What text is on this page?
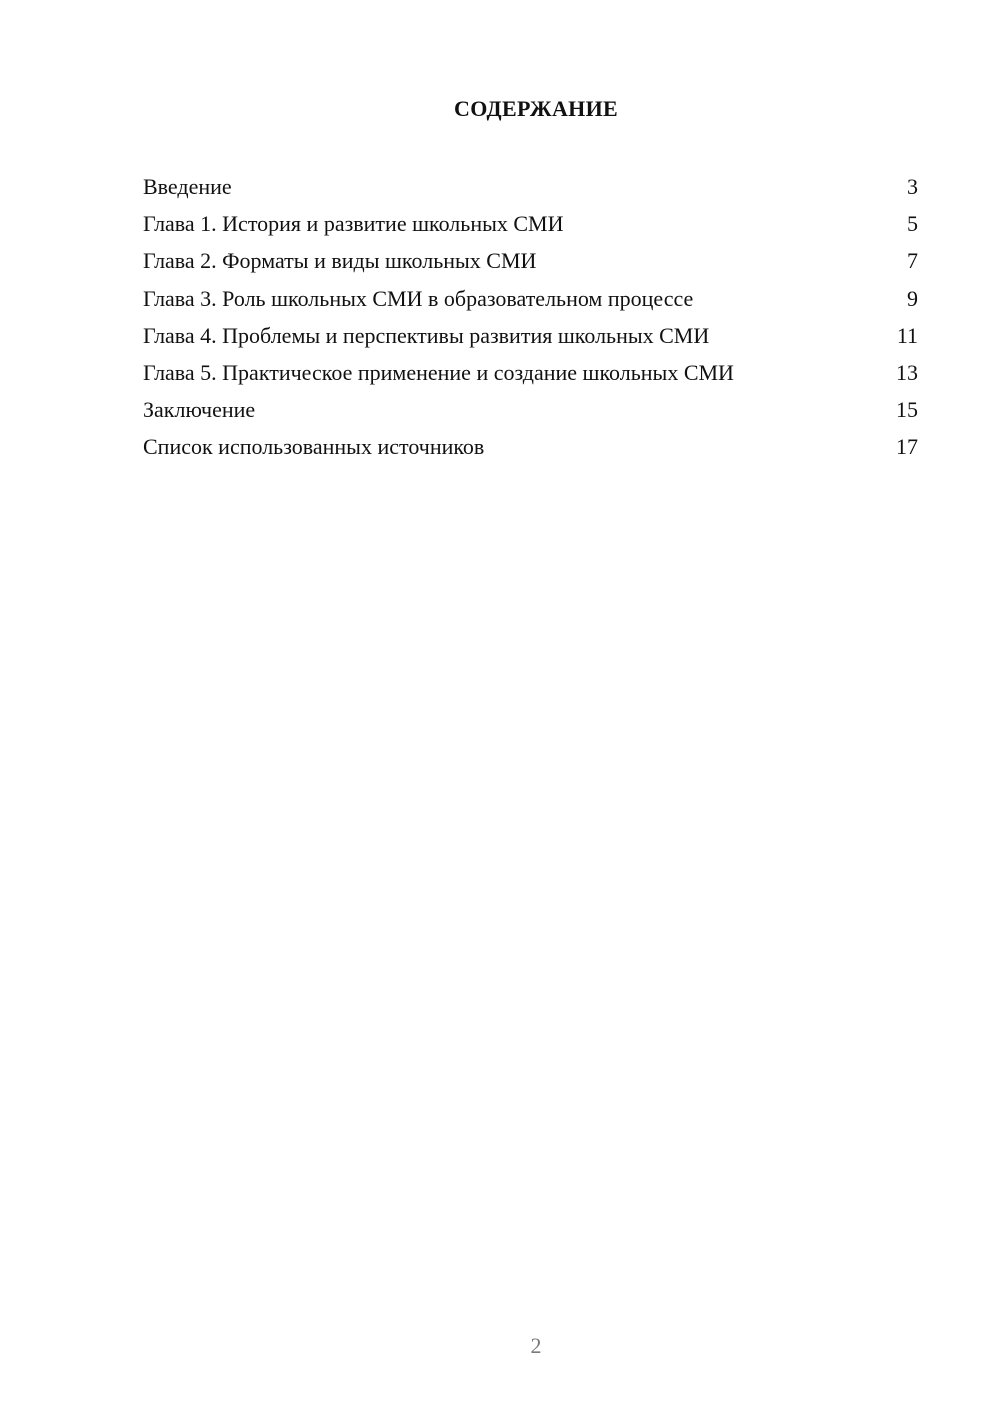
СОДЕРЖАНИЕ
Введение	3
Глава 1. История и развитие школьных СМИ	5
Глава 2. Форматы и виды школьных СМИ	7
Глава 3. Роль школьных СМИ в образовательном процессе	9
Глава 4. Проблемы и перспективы развития школьных СМИ	11
Глава 5. Практическое применение и создание школьных СМИ	13
Заключение	15
Список использованных источников	17
2
